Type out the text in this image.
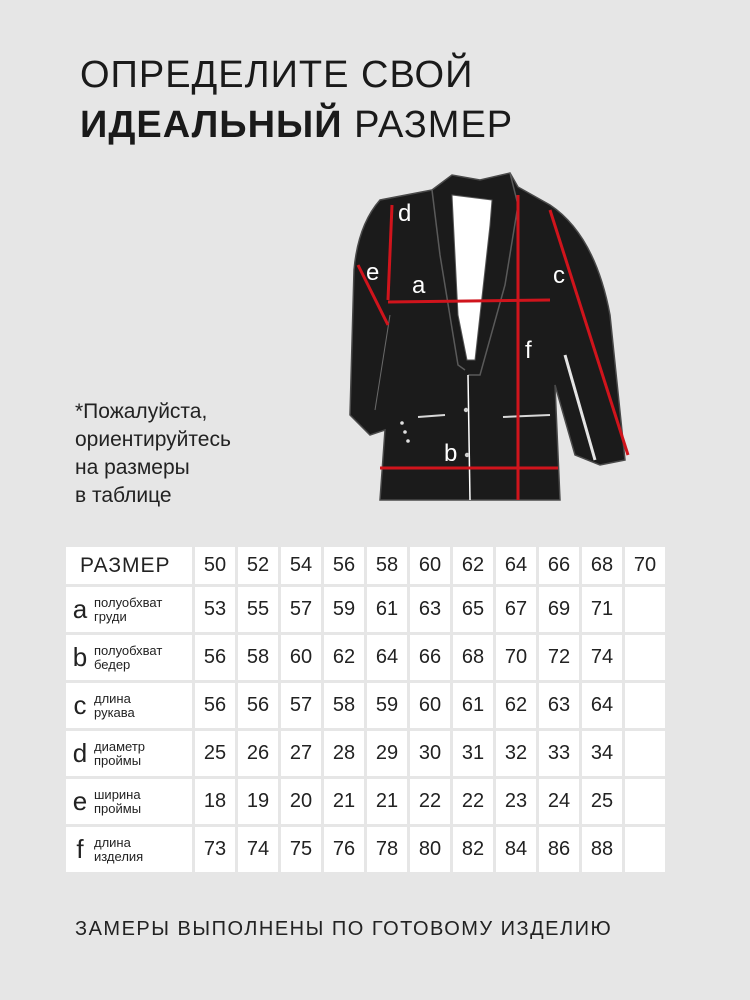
ОПРЕДЕЛИТЕ СВОЙ
ИДЕАЛЬНЫЙ РАЗМЕР
*Пожалуйста,
ориентируйтесь
на размеры
в таблице
d
e a
f
c
b
РАЗМЕР	50	52	54	56	58	60	62	64	66	68	70

a полуобхват
груди	53	55	57	59	61	63	65	67	69	71	

b полуобхват
бедер	56	58	60	62	64	66	68	70	72	74	

c длина
рукава	56	56	57	58	59	60	61	62	63	64	

d диаметр
проймы	25	26	27	28	29	30	31	32	33	34	

e ширина
проймы	18	19	20	21	21	22	22	23	24	25	

f длина
изделия	73	74	75	76	78	80	82	84	86	88	
ЗАМЕРЫ ВЫПОЛНЕНЫ ПО ГОТОВОМУ ИЗДЕЛИЮ
